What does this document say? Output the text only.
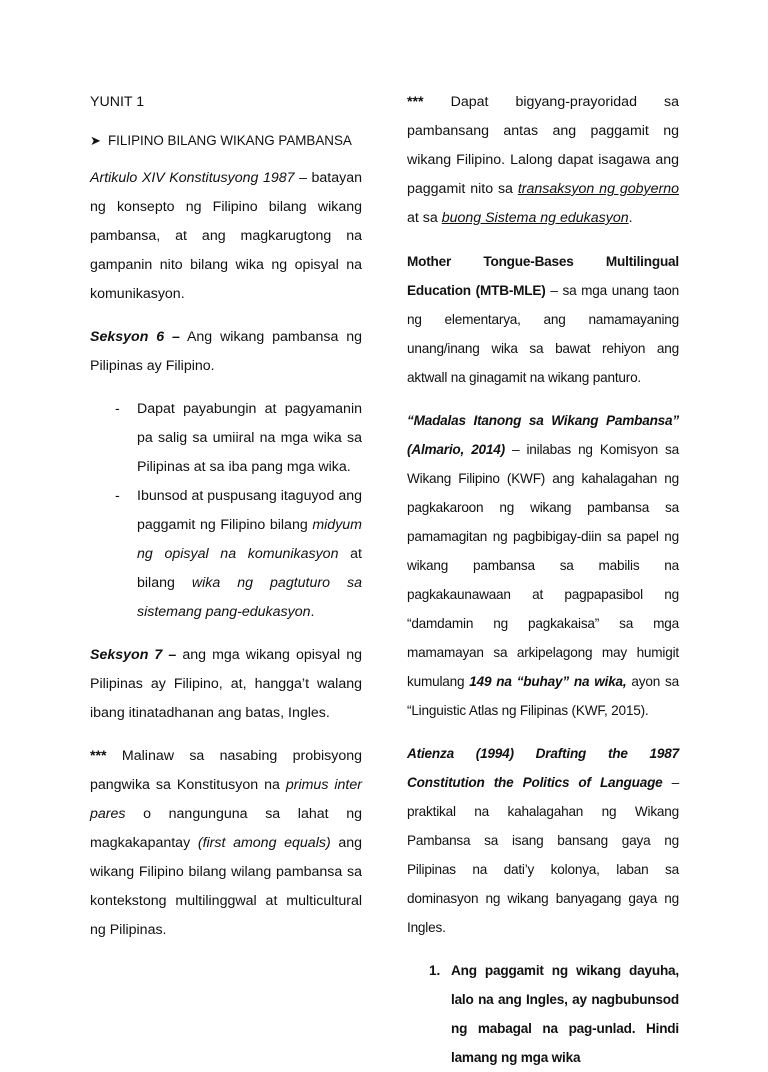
YUNIT 1

➤ FILIPINO BILANG WIKANG PAMBANSA

Artikulo XIV Konstitusyong 1987 – batayan ng konsepto ng Filipino bilang wikang pambansa, at ang magkarugtong na gampanin nito bilang wika ng opisyal na komunikasyon.

Seksyon 6 – Ang wikang pambansa ng Pilipinas ay Filipino.

-	Dapat payabungin at pagyamanin pa salig sa umiiral na mga wika sa Pilipinas at sa iba pang mga wika.

-	Ibunsod at puspusang itaguyod ang paggamit ng Filipino bilang midyum ng opisyal na komunikasyon at bilang wika ng pagtuturo sa sistemang pang-edukasyon.

Seksyon 7 – ang mga wikang opisyal ng Pilipinas ay Filipino, at, hangga’t walang ibang itinatadhanan ang batas, Ingles.

*** Malinaw sa nasabing probisyong pangwika sa Konstitusyon na primus inter pares o nangunguna sa lahat ng magkakapantay (first among equals) ang wikang Filipino bilang wilang pambansa sa kontekstong multilinggwal at multicultural ng Pilipinas.

*** Dapat bigyang-prayoridad sa pambansang antas ang paggamit ng wikang Filipino. Lalong dapat isagawa ang paggamit nito sa transaksyon ng gobyerno at sa buong Sistema ng edukasyon.

Mother Tongue-Bases Multilingual Education (MTB-MLE) – sa mga unang taon ng elementarya, ang namamayaning unang/inang wika sa bawat rehiyon ang aktwall na ginagamit na wikang panturo.

“Madalas Itanong sa Wikang Pambansa” (Almario, 2014) – inilabas ng Komisyon sa Wikang Filipino (KWF) ang kahalagahan ng pagkakaroon ng wikang pambansa sa pamamagitan ng pagbibigay-diin sa papel ng wikang pambansa sa mabilis na pagkakaunawaan at pagpapasibol ng “damdamin ng pagkakaisa” sa mga mamamayan sa arkipelagong may humigit kumulang 149 na “buhay” na wika, ayon sa “Linguistic Atlas ng Filipinas (KWF, 2015).

Atienza (1994) Drafting the 1987 Constitution the Politics of Language – praktikal na kahalagahan ng Wikang Pambansa sa isang bansang gaya ng Pilipinas na dati’y kolonya, laban sa dominasyon ng wikang banyagang gaya ng Ingles.

1. Ang paggamit ng wikang dayuha, lalo na ang Ingles, ay nagbubunsod ng mabagal na pag-unlad. Hindi lamang ng mga wika
